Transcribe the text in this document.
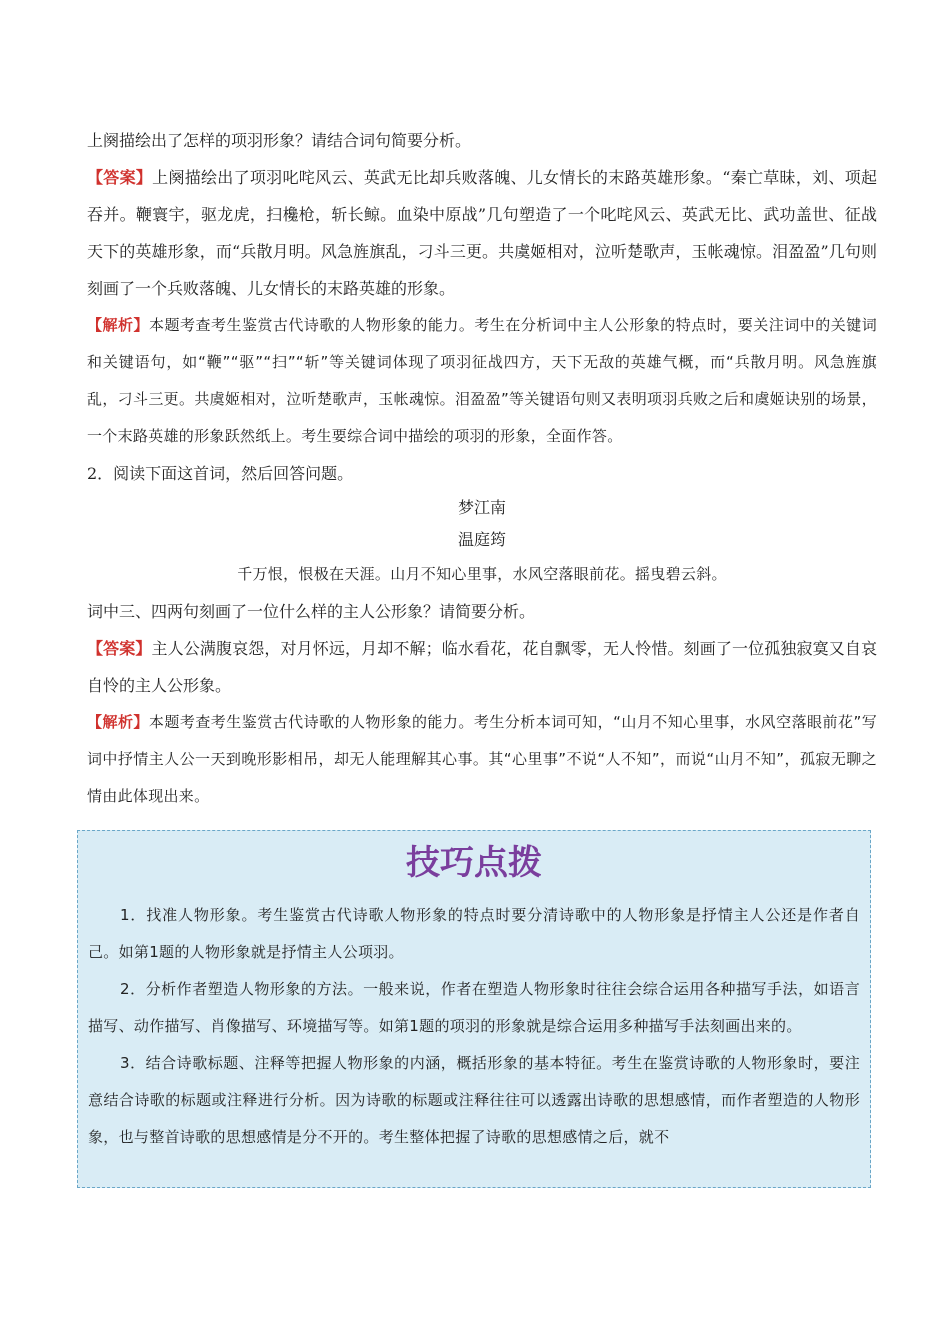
上阕描绘出了怎样的项羽形象？请结合词句简要分析。

【答案】上阕描绘出了项羽叱咤风云、英武无比却兵败落魄、儿女情长的末路英雄形象。“秦亡草昧，刘、项起吞并。鞭寰宇，驱龙虎，扫欃枪，斩长鲸。血染中原战”几句塑造了一个叱咤风云、英武无比、武功盖世、征战天下的英雄形象，而“兵散月明。风急旌旗乱，刁斗三更。共虞姬相对，泣听楚歌声，玉帐魂惊。泪盈盈”几句则刻画了一个兵败落魄、儿女情长的末路英雄的形象。

【解析】本题考查考生鉴赏古代诗歌的人物形象的能力。考生在分析词中主人公形象的特点时，要关注词中的关键词和关键语句，如“鞭”“驱”“扫”“斩”等关键词体现了项羽征战四方，天下无敌的英雄气概，而“兵散月明。风急旌旗乱，刁斗三更。共虞姬相对，泣听楚歌声，玉帐魂惊。泪盈盈”等关键语句则又表明项羽兵败之后和虞姬诀别的场景，一个末路英雄的形象跃然纸上。考生要综合词中描绘的项羽的形象，全面作答。

2．阅读下面这首词，然后回答问题。

梦江南

温庭筠

千万恨，恨极在天涯。山月不知心里事，水风空落眼前花。摇曳碧云斜。

词中三、四两句刻画了一位什么样的主人公形象？请简要分析。

【答案】主人公满腹哀怨，对月怀远，月却不解；临水看花，花自飘零，无人怜惜。刻画了一位孤独寂寞又自哀自怜的主人公形象。

【解析】本题考查考生鉴赏古代诗歌的人物形象的能力。考生分析本词可知，“山月不知心里事，水风空落眼前花”写词中抒情主人公一天到晚形影相吊，却无人能理解其心事。其“心里事”不说“人不知”，而说“山月不知”，孤寂无聊之情由此体现出来。

技巧点拨

1．找准人物形象。考生鉴赏古代诗歌人物形象的特点时要分清诗歌中的人物形象是抒情主人公还是作者自己。如第1题的人物形象就是抒情主人公项羽。

2．分析作者塑造人物形象的方法。一般来说，作者在塑造人物形象时往往会综合运用各种描写手法，如语言描写、动作描写、肖像描写、环境描写等。如第1题的项羽的形象就是综合运用多种描写手法刻画出来的。

3．结合诗歌标题、注释等把握人物形象的内涵，概括形象的基本特征。考生在鉴赏诗歌的人物形象时，要注意结合诗歌的标题或注释进行分析。因为诗歌的标题或注释往往可以透露出诗歌的思想感情，而作者塑造的人物形象，也与整首诗歌的思想感情是分不开的。考生整体把握了诗歌的思想感情之后，就不
